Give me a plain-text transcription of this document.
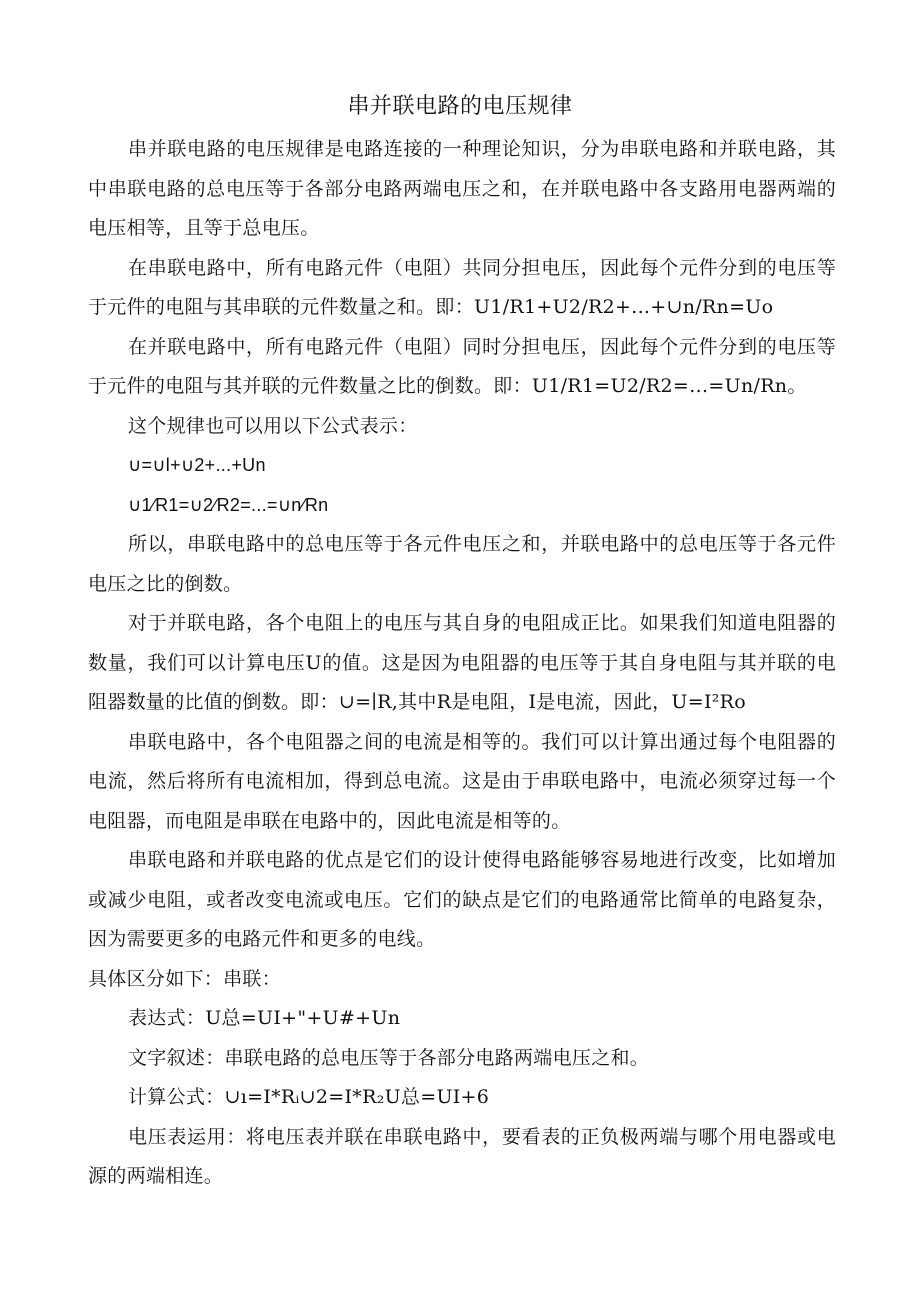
串并联电路的电压规律

串并联电路的电压规律是电路连接的一种理论知识，分为串联电路和并联电路，其中串联电路的总电压等于各部分电路两端电压之和，在并联电路中各支路用电器两端的电压相等，且等于总电压。

在串联电路中，所有电路元件（电阻）共同分担电压，因此每个元件分到的电压等于元件的电阻与其串联的元件数量之和。即：U1∕R1+U2/R2+...+∪n∕Rn=Uo

在并联电路中，所有电路元件（电阻）同时分担电压，因此每个元件分到的电压等于元件的电阻与其并联的元件数量之比的倒数。即：U1∕R1=U2∕R2=…=Un∕Rn。

这个规律也可以用以下公式表示：

∪=∪l+∪2+...+Un

∪1∕R1=∪2∕R2=...=∪n∕Rn

所以，串联电路中的总电压等于各元件电压之和，并联电路中的总电压等于各元件电压之比的倒数。

对于并联电路，各个电阻上的电压与其自身的电阻成正比。如果我们知道电阻器的数量，我们可以计算电压U的值。这是因为电阻器的电压等于其自身电阻与其并联的电阻器数量的比值的倒数。即：∪=∣R,其中R是电阻，I是电流，因此，U=I²Ro

串联电路中，各个电阻器之间的电流是相等的。我们可以计算出通过每个电阻器的电流，然后将所有电流相加，得到总电流。这是由于串联电路中，电流必须穿过每一个电阻器，而电阻是串联在电路中的，因此电流是相等的。

串联电路和并联电路的优点是它们的设计使得电路能够容易地进行改变，比如增加或减少电阻，或者改变电流或电压。它们的缺点是它们的电路通常比简单的电路复杂，因为需要更多的电路元件和更多的电线。

具体区分如下：串联：

表达式：U总=UI+"+U#+Un

文字叙述：串联电路的总电压等于各部分电路两端电压之和。

计算公式：∪ı=I*Rᵢ∪2=I*R₂U总=UI+6

电压表运用：将电压表并联在串联电路中，要看表的正负极两端与哪个用电器或电源的两端相连。
